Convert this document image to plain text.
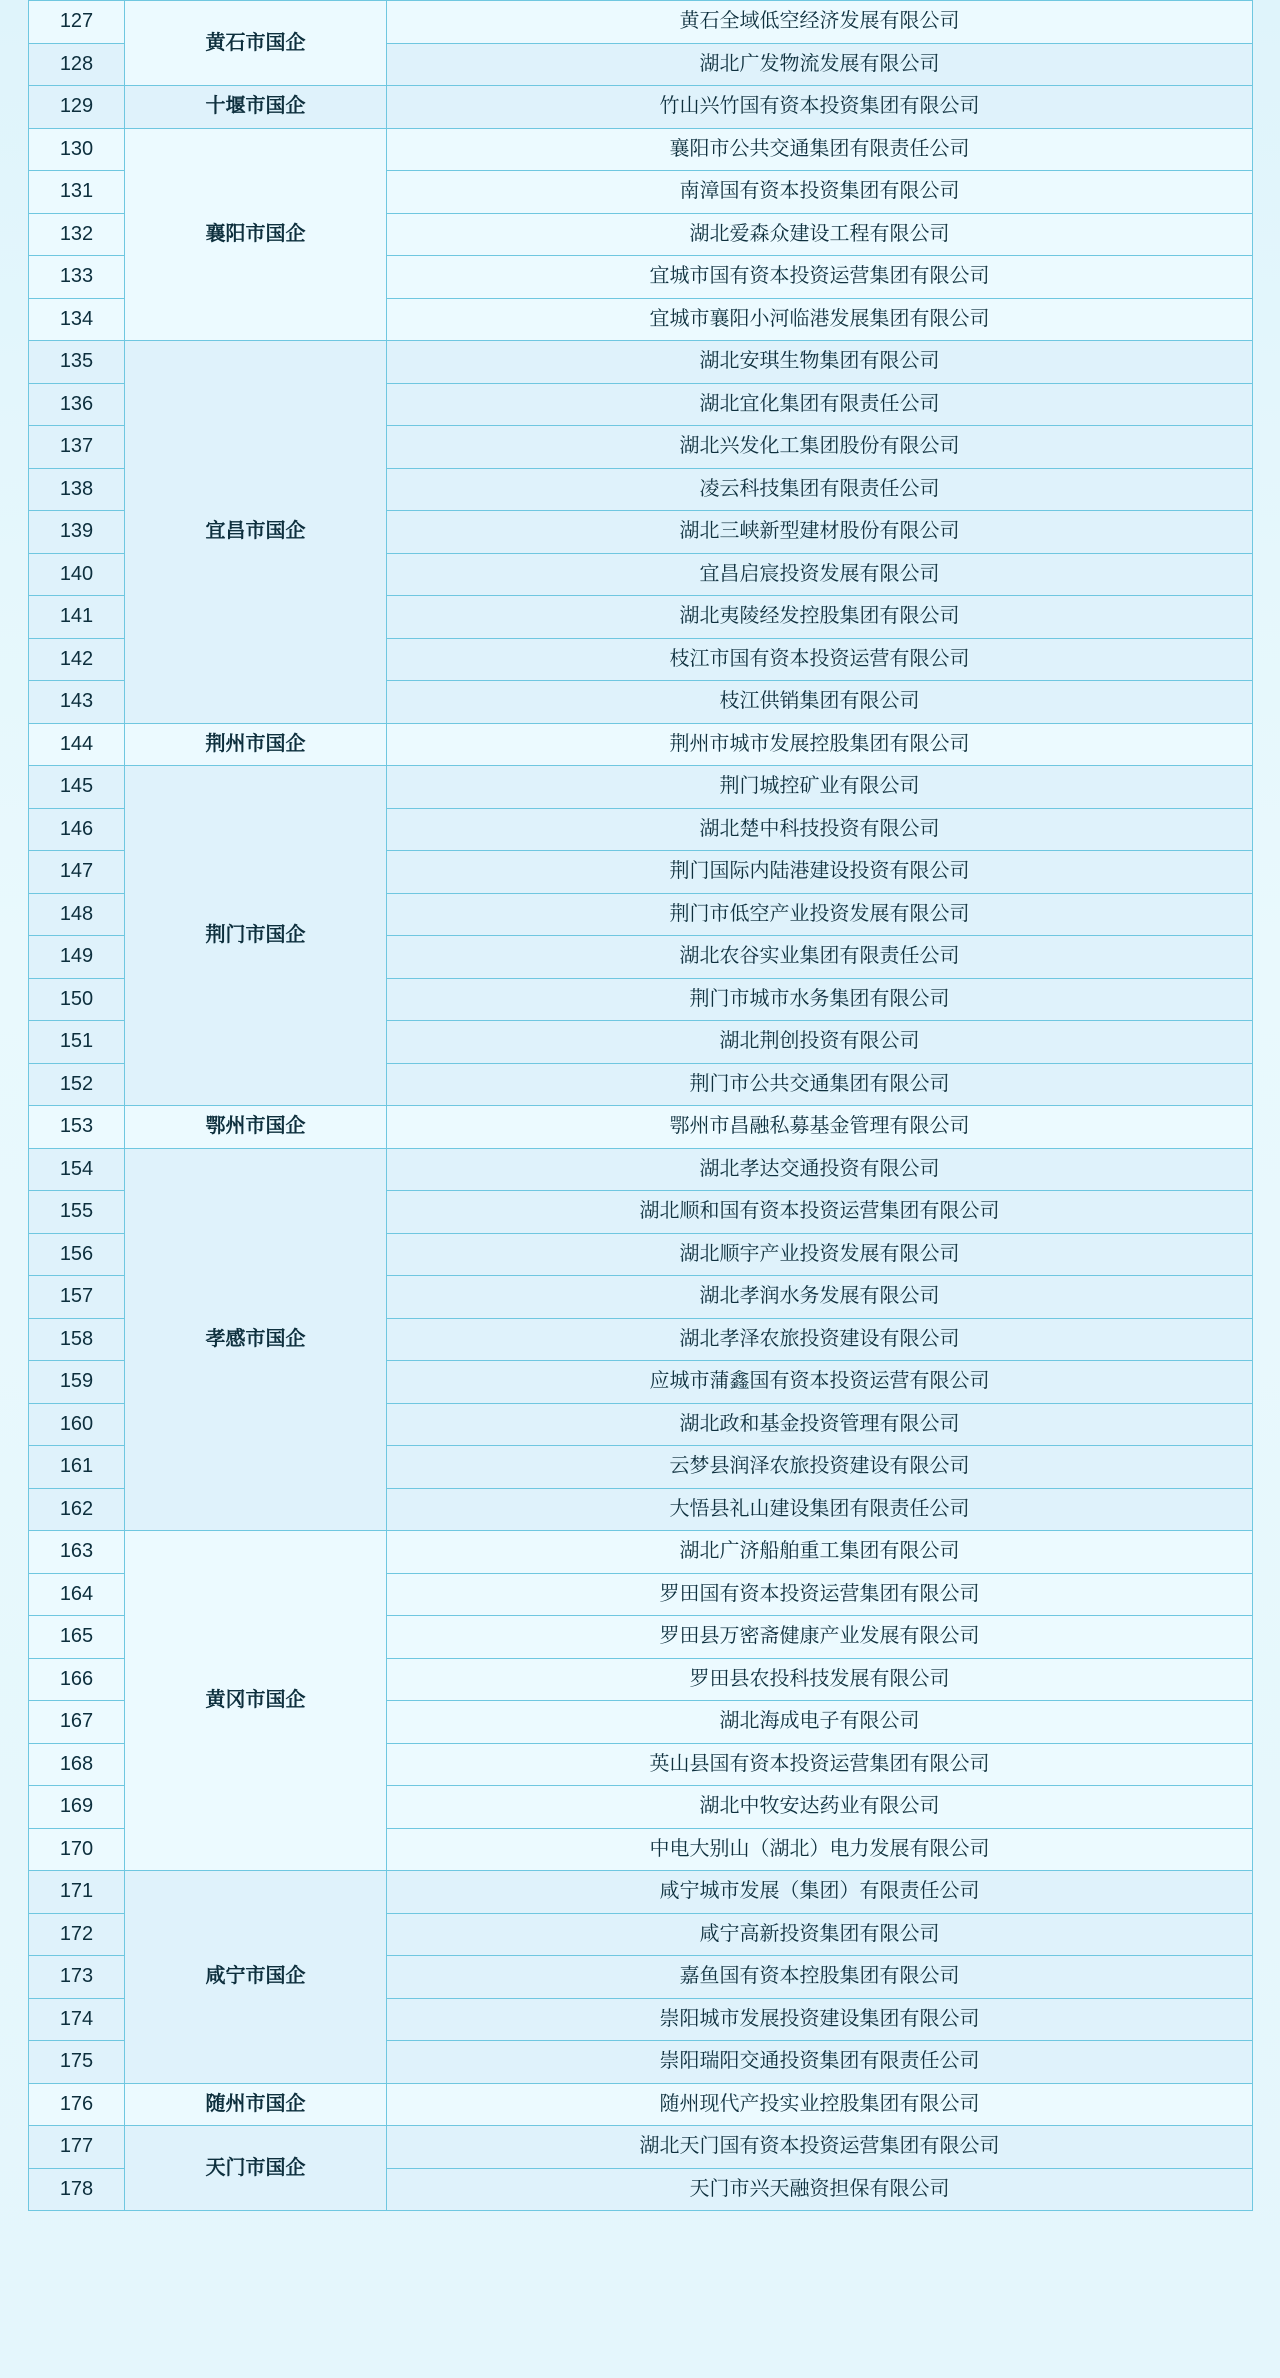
127	黄石市国企	黄石全域低空经济发展有限公司
128		湖北广发物流发展有限公司
129	十堰市国企	竹山兴竹国有资本投资集团有限公司
130	襄阳市国企	襄阳市公共交通集团有限责任公司
131		南漳国有资本投资集团有限公司
132		湖北爱森众建设工程有限公司
133		宜城市国有资本投资运营集团有限公司
134		宜城市襄阳小河临港发展集团有限公司
135	宜昌市国企	湖北安琪生物集团有限公司
136		湖北宜化集团有限责任公司
137		湖北兴发化工集团股份有限公司
138		凌云科技集团有限责任公司
139		湖北三峡新型建材股份有限公司
140		宜昌启宸投资发展有限公司
141		湖北夷陵经发控股集团有限公司
142		枝江市国有资本投资运营有限公司
143		枝江供销集团有限公司
144	荆州市国企	荆州市城市发展控股集团有限公司
145	荆门市国企	荆门城控矿业有限公司
146		湖北楚中科技投资有限公司
147		荆门国际内陆港建设投资有限公司
148		荆门市低空产业投资发展有限公司
149		湖北农谷实业集团有限责任公司
150		荆门市城市水务集团有限公司
151		湖北荆创投资有限公司
152		荆门市公共交通集团有限公司
153	鄂州市国企	鄂州市昌融私募基金管理有限公司
154	孝感市国企	湖北孝达交通投资有限公司
155		湖北顺和国有资本投资运营集团有限公司
156		湖北顺宇产业投资发展有限公司
157		湖北孝润水务发展有限公司
158		湖北孝泽农旅投资建设有限公司
159		应城市蒲鑫国有资本投资运营有限公司
160		湖北政和基金投资管理有限公司
161		云梦县润泽农旅投资建设有限公司
162		大悟县礼山建设集团有限责任公司
163	黄冈市国企	湖北广济船舶重工集团有限公司
164		罗田国有资本投资运营集团有限公司
165		罗田县万密斋健康产业发展有限公司
166		罗田县农投科技发展有限公司
167		湖北海成电子有限公司
168		英山县国有资本投资运营集团有限公司
169		湖北中牧安达药业有限公司
170		中电大别山（湖北）电力发展有限公司
171	咸宁市国企	咸宁城市发展（集团）有限责任公司
172		咸宁高新投资集团有限公司
173		嘉鱼国有资本控股集团有限公司
174		崇阳城市发展投资建设集团有限公司
175		崇阳瑞阳交通投资集团有限责任公司
176	随州市国企	随州现代产投实业控股集团有限公司
177	天门市国企	湖北天门国有资本投资运营集团有限公司
178		天门市兴天融资担保有限公司
